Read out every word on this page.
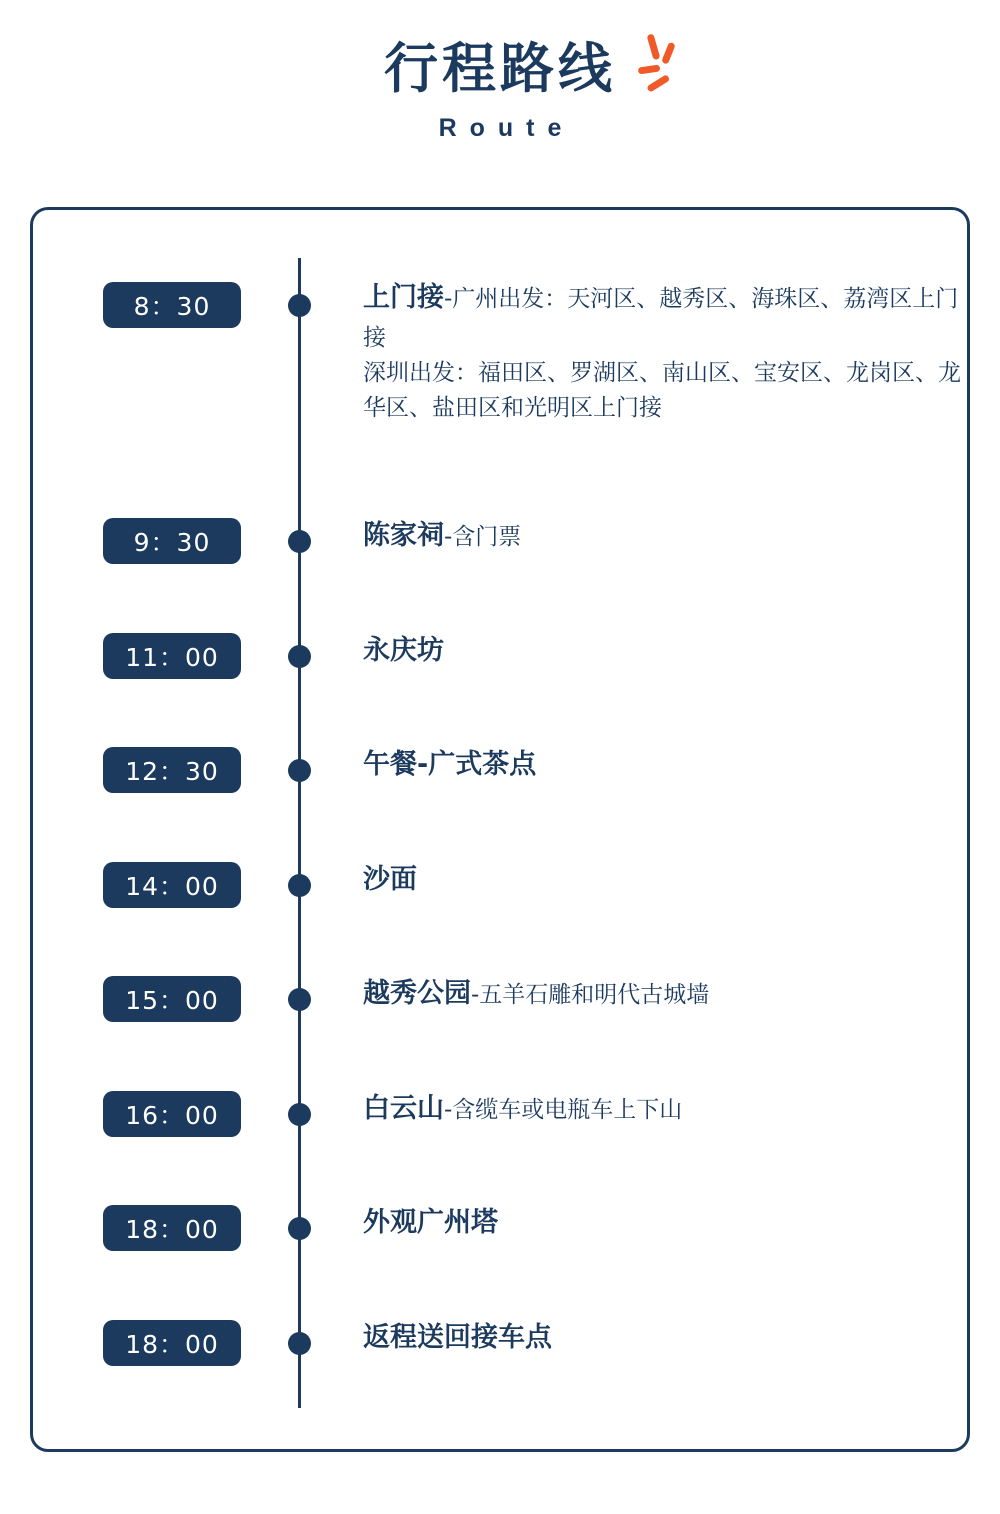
行程路线
Route
8：30	上门接-广州出发：天河区、越秀区、海珠区、荔湾区上门接
深圳出发：福田区、罗湖区、南山区、宝安区、龙岗区、龙华区、盐田区和光明区上门接
9：30	陈家祠-含门票
11：00	永庆坊
12：30	午餐-广式茶点
14：00	沙面
15：00	越秀公园-五羊石雕和明代古城墙
16：00	白云山-含缆车或电瓶车上下山
18：00	外观广州塔
18：00	返程送回接车点
